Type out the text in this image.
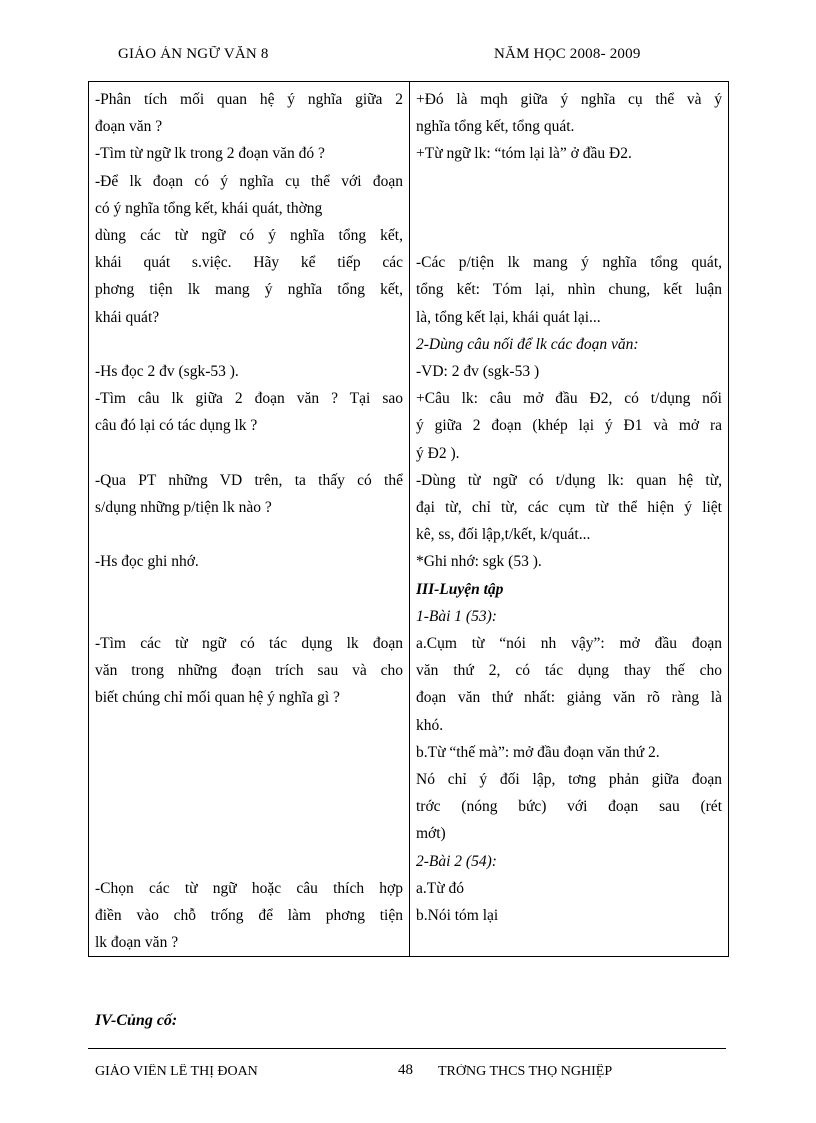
GIÁO ÁN NGỮ VĂN 8	NĂM HỌC 2008- 2009
-Phân tích mối quan hệ ý nghĩa giữa 2
đoạn văn ?
-Tìm từ ngữ lk trong 2 đoạn văn đó ?
-Để lk đoạn có ý nghĩa cụ thể với đoạn
có ý nghĩa tổng kết, khái quát, thờng
dùng các từ ngữ có ý nghĩa tổng kết,
khái quát s.việc. Hãy kể tiếp các
phơng tiện lk mang ý nghĩa tổng kết,
khái quát?
-Hs đọc 2 đv (sgk-53 ).
-Tìm câu lk giữa 2 đoạn văn ? Tại sao
câu đó lại có tác dụng lk ?
-Qua PT những VD trên, ta thấy có thể
s/dụng những p/tiện lk nào ?
-Hs đọc ghi nhớ.
-Tìm các từ ngữ có tác dụng lk đoạn
văn trong những đoạn trích sau và cho
biết chúng chỉ mối quan hệ ý nghĩa gì ?
-Chọn các từ ngữ hoặc câu thích hợp
điền vào chỗ trống để làm phơng tiện
lk đoạn văn ?

+Đó là mqh giữa ý nghĩa cụ thể và ý
nghĩa tổng kết, tổng quát.
+Từ ngữ lk: “tóm lại là” ở đầu Đ2.
-Các p/tiện lk mang ý nghĩa tổng quát,
tổng kết: Tóm lại, nhìn chung, kết luận
là, tổng kết lại, khái quát lại...
2-Dùng câu nối để lk các đoạn văn:
-VD: 2 đv (sgk-53 )
+Câu lk: câu mở đầu Đ2, có t/dụng nối
ý giữa 2 đoạn (khép lại ý Đ1 và mở ra
ý Đ2 ).
-Dùng từ ngữ có t/dụng lk: quan hệ từ,
đại từ, chỉ từ, các cụm từ thể hiện ý liệt
kê, ss, đối lập,t/kết, k/quát...
*Ghi nhớ: sgk (53 ).
III-Luyện tập
1-Bài 1 (53):
a.Cụm từ “nói nh vậy”: mở đầu đoạn
văn thứ 2, có tác dụng thay thế cho
đoạn văn thứ nhất: giảng văn rõ ràng là
khó.
b.Từ “thế mà”: mở đầu đoạn văn thứ 2.
Nó chỉ ý đối lập, tơng phản giữa đoạn
trớc (nóng bức) với đoạn sau (rét
mớt)
2-Bài 2 (54):
a.Từ đó
b.Nói tóm lại
IV-Củng cố:
GIÁO VIÊN LÊ THỊ ĐOAN	48 TRỜNG THCS THỌ NGHIỆP
